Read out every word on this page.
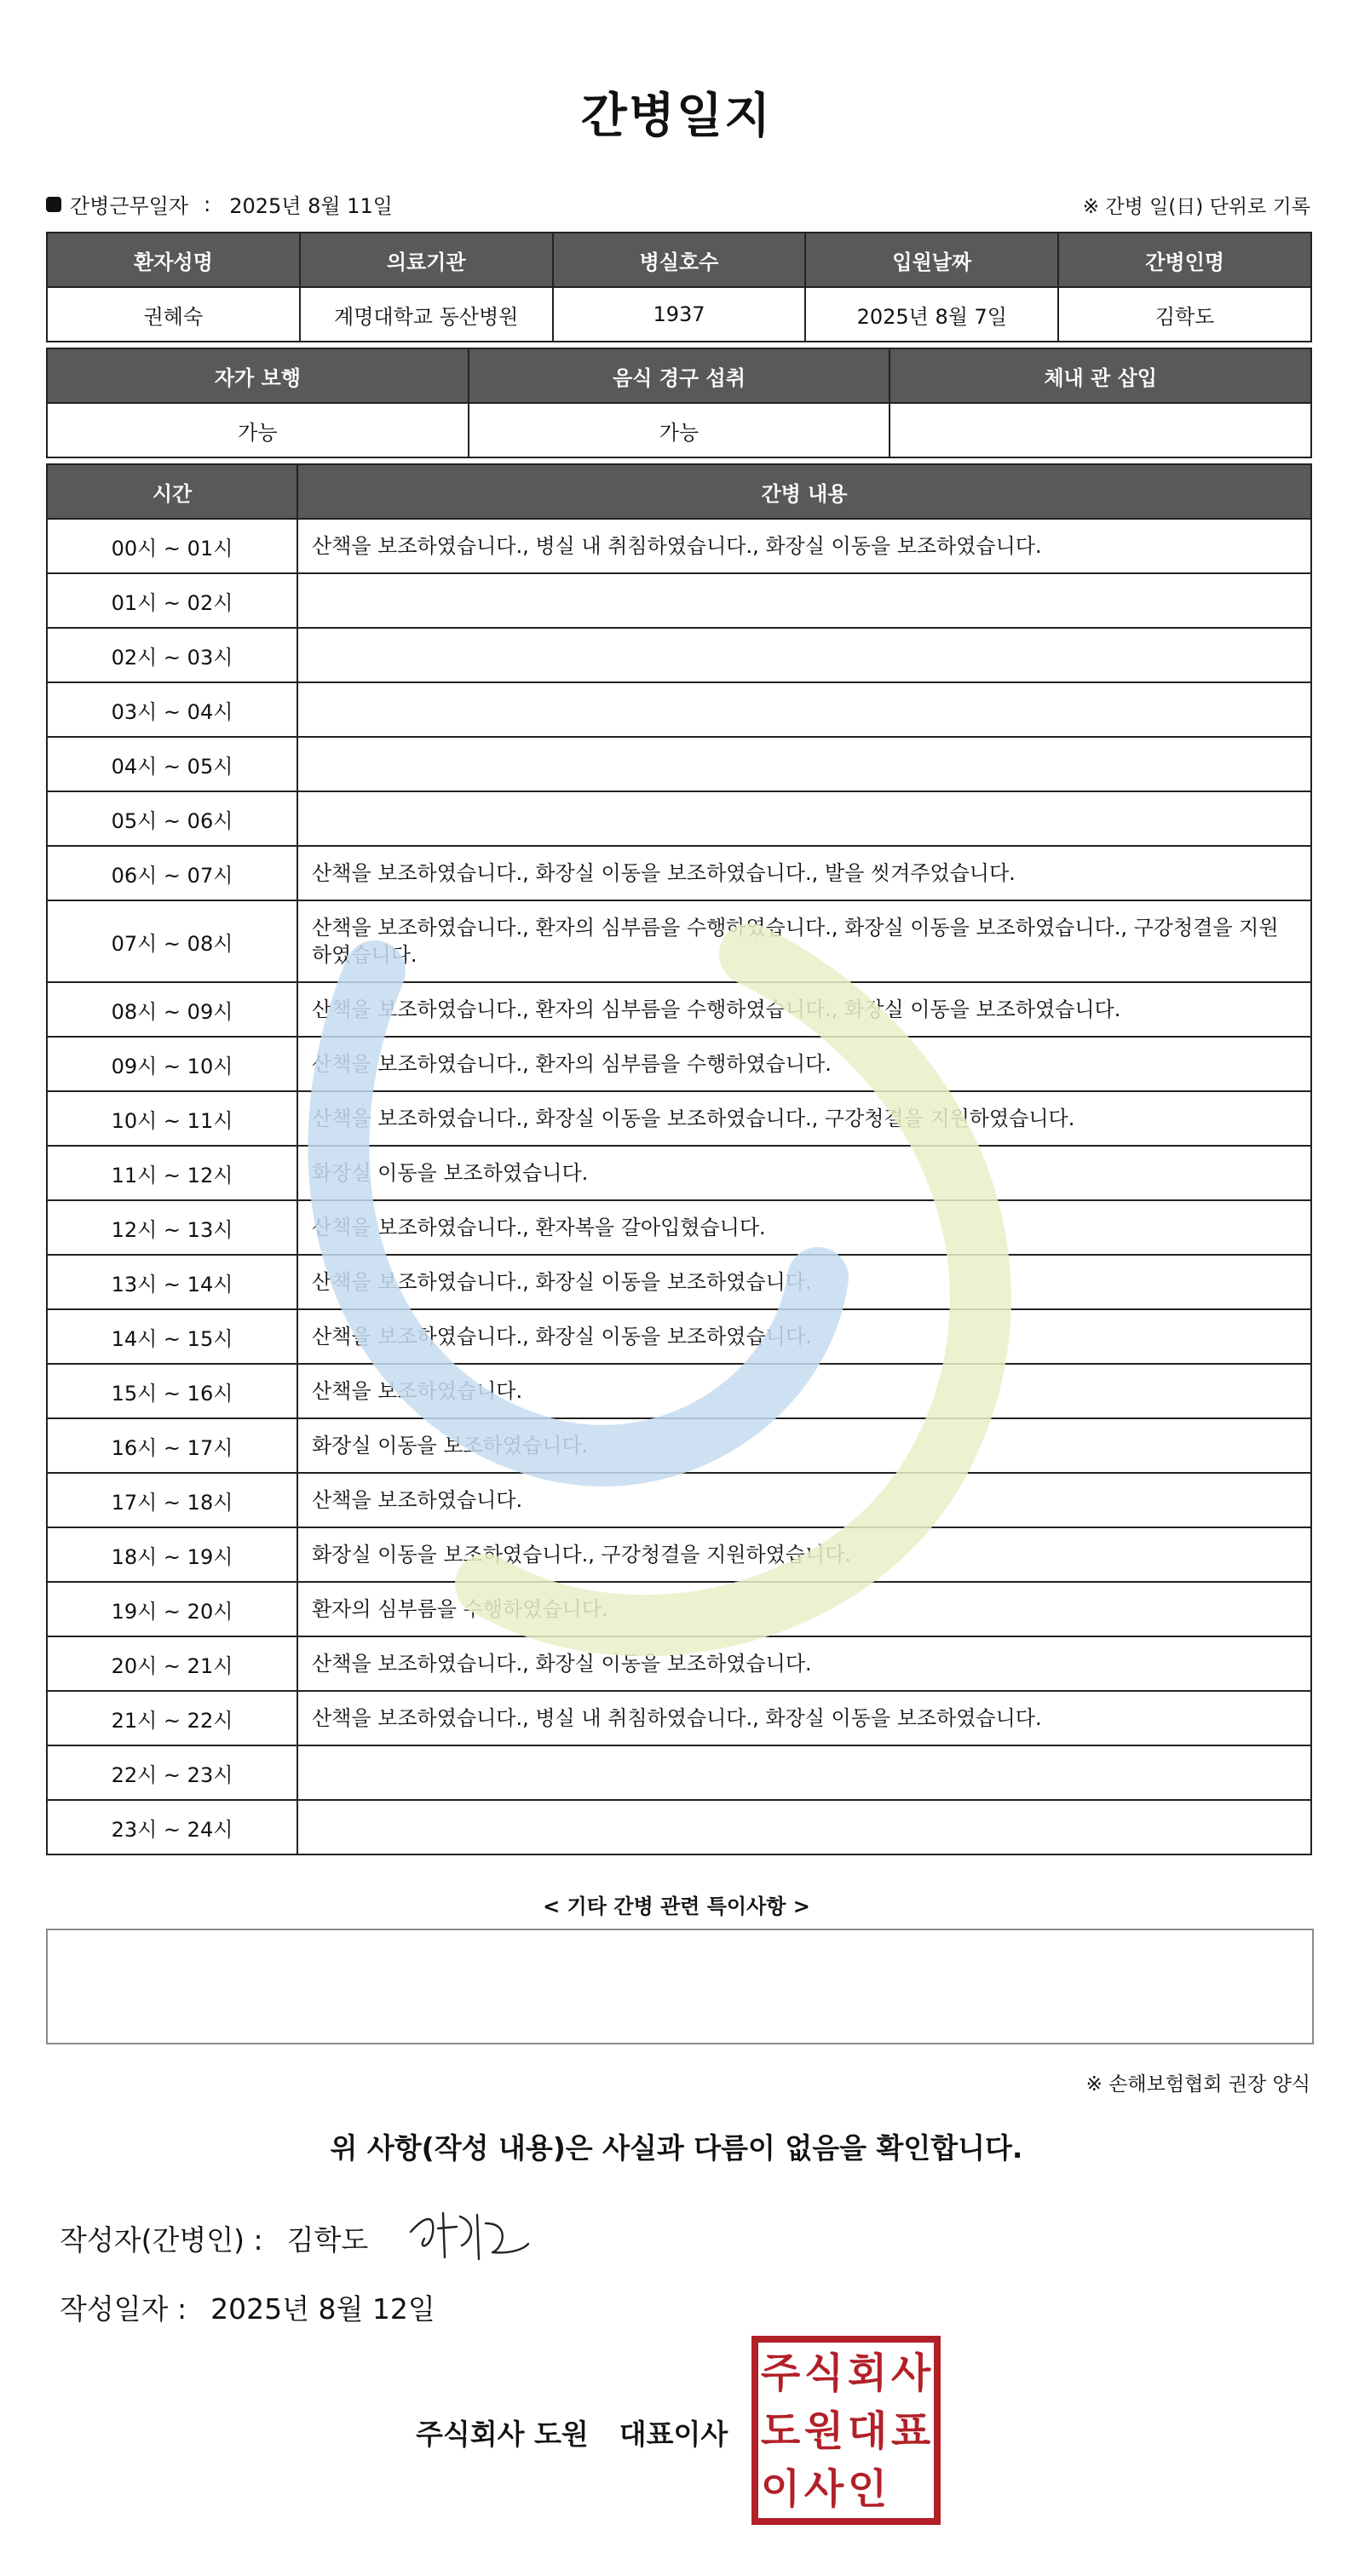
간병일지
간병근무일자 : 2025년 8월 11일	※ 간병 일(日) 단위로 기록
환자성명	의료기관	병실호수	입원날짜	간병인명
권혜숙	계명대학교 동산병원	1937	2025년 8월 7일	김학도
자가 보행	음식 경구 섭취	체내 관 삽입
가능	가능	
시간	간병 내용
00시 ~ 01시	산책을 보조하였습니다., 병실 내 취침하였습니다., 화장실 이동을 보조하였습니다.
01시 ~ 02시	
02시 ~ 03시	
03시 ~ 04시	
04시 ~ 05시	
05시 ~ 06시	
06시 ~ 07시	산책을 보조하였습니다., 화장실 이동을 보조하였습니다., 발을 씻겨주었습니다.
07시 ~ 08시	산책을 보조하였습니다., 환자의 심부름을 수행하였습니다., 화장실 이동을 보조하였습니다., 구강청결을 지원하였습니다.
08시 ~ 09시	산책을 보조하였습니다., 환자의 심부름을 수행하였습니다., 화장실 이동을 보조하였습니다.
09시 ~ 10시	산책을 보조하였습니다., 환자의 심부름을 수행하였습니다.
10시 ~ 11시	산책을 보조하였습니다., 화장실 이동을 보조하였습니다., 구강청결을 지원하였습니다.
11시 ~ 12시	화장실 이동을 보조하였습니다.
12시 ~ 13시	산책을 보조하였습니다., 환자복을 갈아입혔습니다.
13시 ~ 14시	산책을 보조하였습니다., 화장실 이동을 보조하였습니다.
14시 ~ 15시	산책을 보조하였습니다., 화장실 이동을 보조하였습니다.
15시 ~ 16시	산책을 보조하였습니다.
16시 ~ 17시	화장실 이동을 보조하였습니다.
17시 ~ 18시	산책을 보조하였습니다.
18시 ~ 19시	화장실 이동을 보조하였습니다., 구강청결을 지원하였습니다.
19시 ~ 20시	환자의 심부름을 수행하였습니다.
20시 ~ 21시	산책을 보조하였습니다., 화장실 이동을 보조하였습니다.
21시 ~ 22시	산책을 보조하였습니다., 병실 내 취침하였습니다., 화장실 이동을 보조하였습니다.
22시 ~ 23시	
23시 ~ 24시	
< 기타 간병 관련 특이사항 >
※ 손해보험협회 권장 양식
위 사항(작성 내용)은 사실과 다름이 없음을 확인합니다.
작성자(간병인) : 김학도
작성일자 : 2025년 8월 12일
주식회사 도원 대표이사
주 식 회 사
도 원 대 표
이 사 인
